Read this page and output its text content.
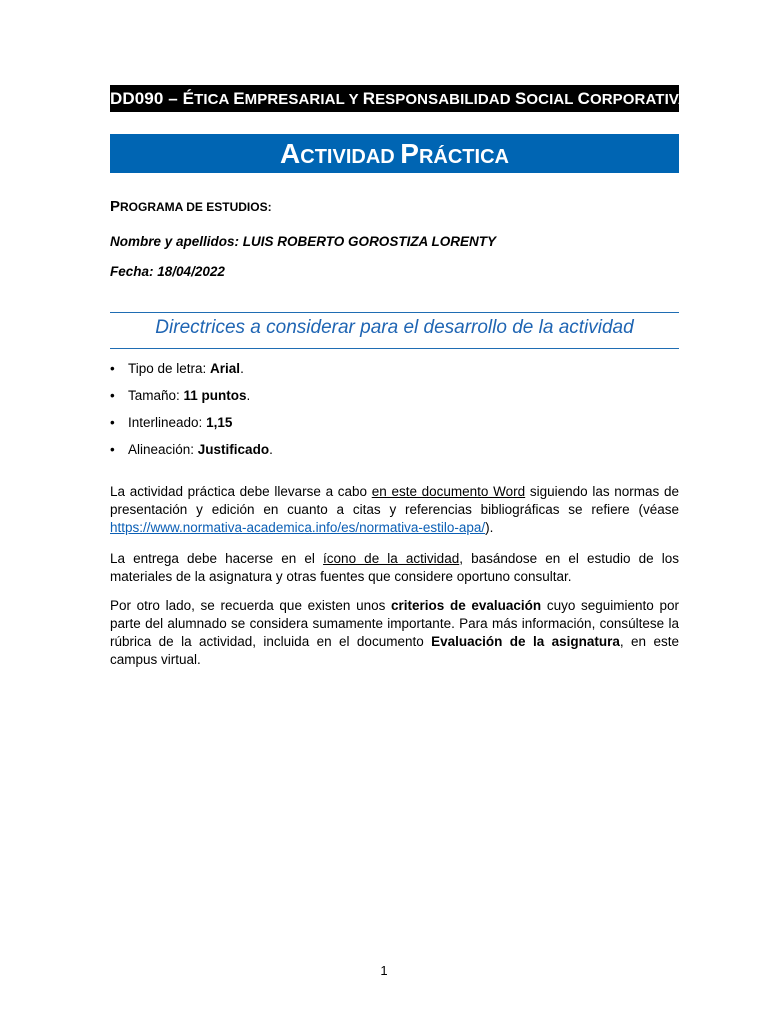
DD090 – ÉTICA EMPRESARIAL Y RESPONSABILIDAD SOCIAL CORPORATIVA
ACTIVIDAD PRÁCTICA
PROGRAMA DE ESTUDIOS:
Nombre y apellidos: LUIS ROBERTO GOROSTIZA LORENTY
Fecha: 18/04/2022
Directrices a considerar para el desarrollo de la actividad
• Tipo de letra: Arial.
• Tamaño: 11 puntos.
• Interlineado: 1,15
• Alineación: Justificado.

La actividad práctica debe llevarse a cabo en este documento Word siguiendo las normas de presentación y edición en cuanto a citas y referencias bibliográficas se refiere (véase https://www.normativa-academica.info/es/normativa-estilo-apa/).

La entrega debe hacerse en el ícono de la actividad, basándose en el estudio de los materiales de la asignatura y otras fuentes que considere oportuno consultar.

Por otro lado, se recuerda que existen unos criterios de evaluación cuyo seguimiento por parte del alumnado se considera sumamente importante. Para más información, consúltese la rúbrica de la actividad, incluida en el documento Evaluación de la asignatura, en este campus virtual.

1
